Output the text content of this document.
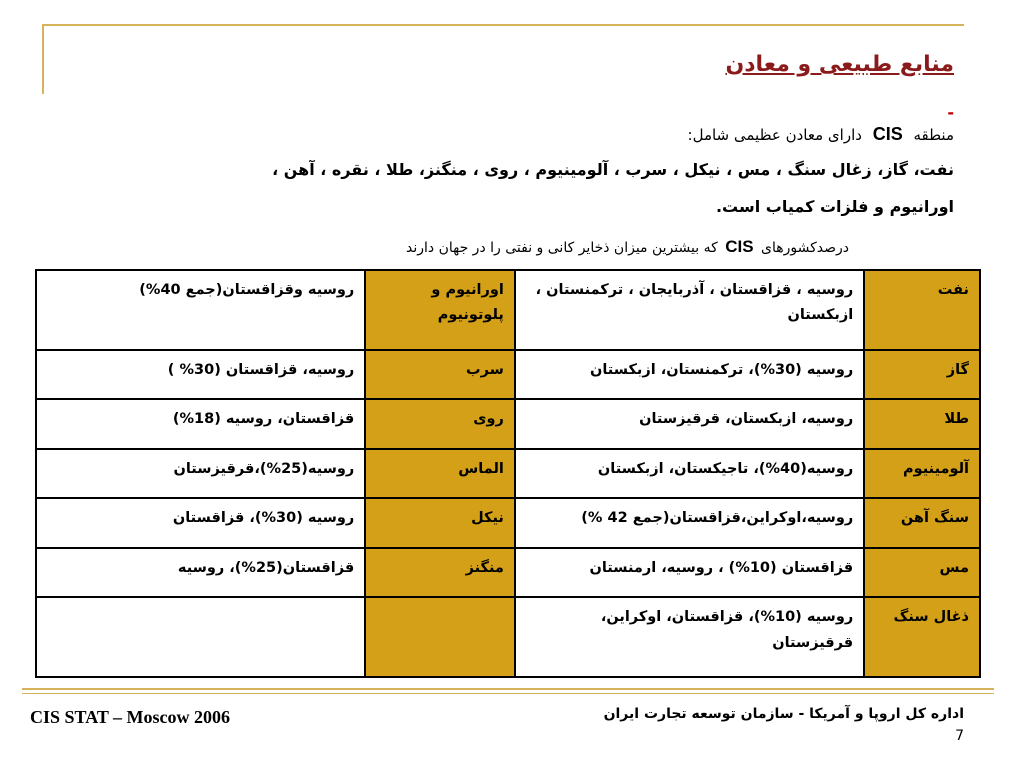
منابع طبیعی و معادن
-
منطقه CIS دارای معادن عظیمی شامل:
نفت، گاز، زغال سنگ ، مس ، نیکل ، سرب ، آلومینیوم ، روی ، منگنز، طلا ، نقره ، آهن ،
اورانیوم و فلزات کمیاب است.
درصدکشورهای CIS که بیشترین میزان ذخایر کانی و نفتی را در جهان دارند
نفت	روسیه ، قزاقستان ، آذربایجان ، ترکمنستان ، ازبکستان	اورانیوم و پلوتونیوم	روسیه وقزاقستان(جمع 40%)
گاز	روسیه (30%)، ترکمنستان، ازبکستان	سرب	روسیه، قزاقستان (30% )
طلا	روسیه، ازبکستان، قرقیزستان	روی	قزاقستان، روسیه (18%)
آلومینیوم	روسیه(40%)، تاجیکستان، ازبکستان	الماس	روسیه(25%)،قرقیزستان
سنگ آهن	روسیه،اوکراین،قزاقستان(جمع 42 %)	نیکل	روسیه (30%)، قزاقستان
مس	قزاقستان (10%) ، روسیه، ارمنستان	منگنز	قزاقستان(25%)، روسیه
ذغال سنگ	روسیه (10%)، قزاقستان، اوکراین، قرقیزستان		
CIS STAT – Moscow 2006	اداره کل اروپا و آمریکا - سازمان توسعه تجارت ایران
7
